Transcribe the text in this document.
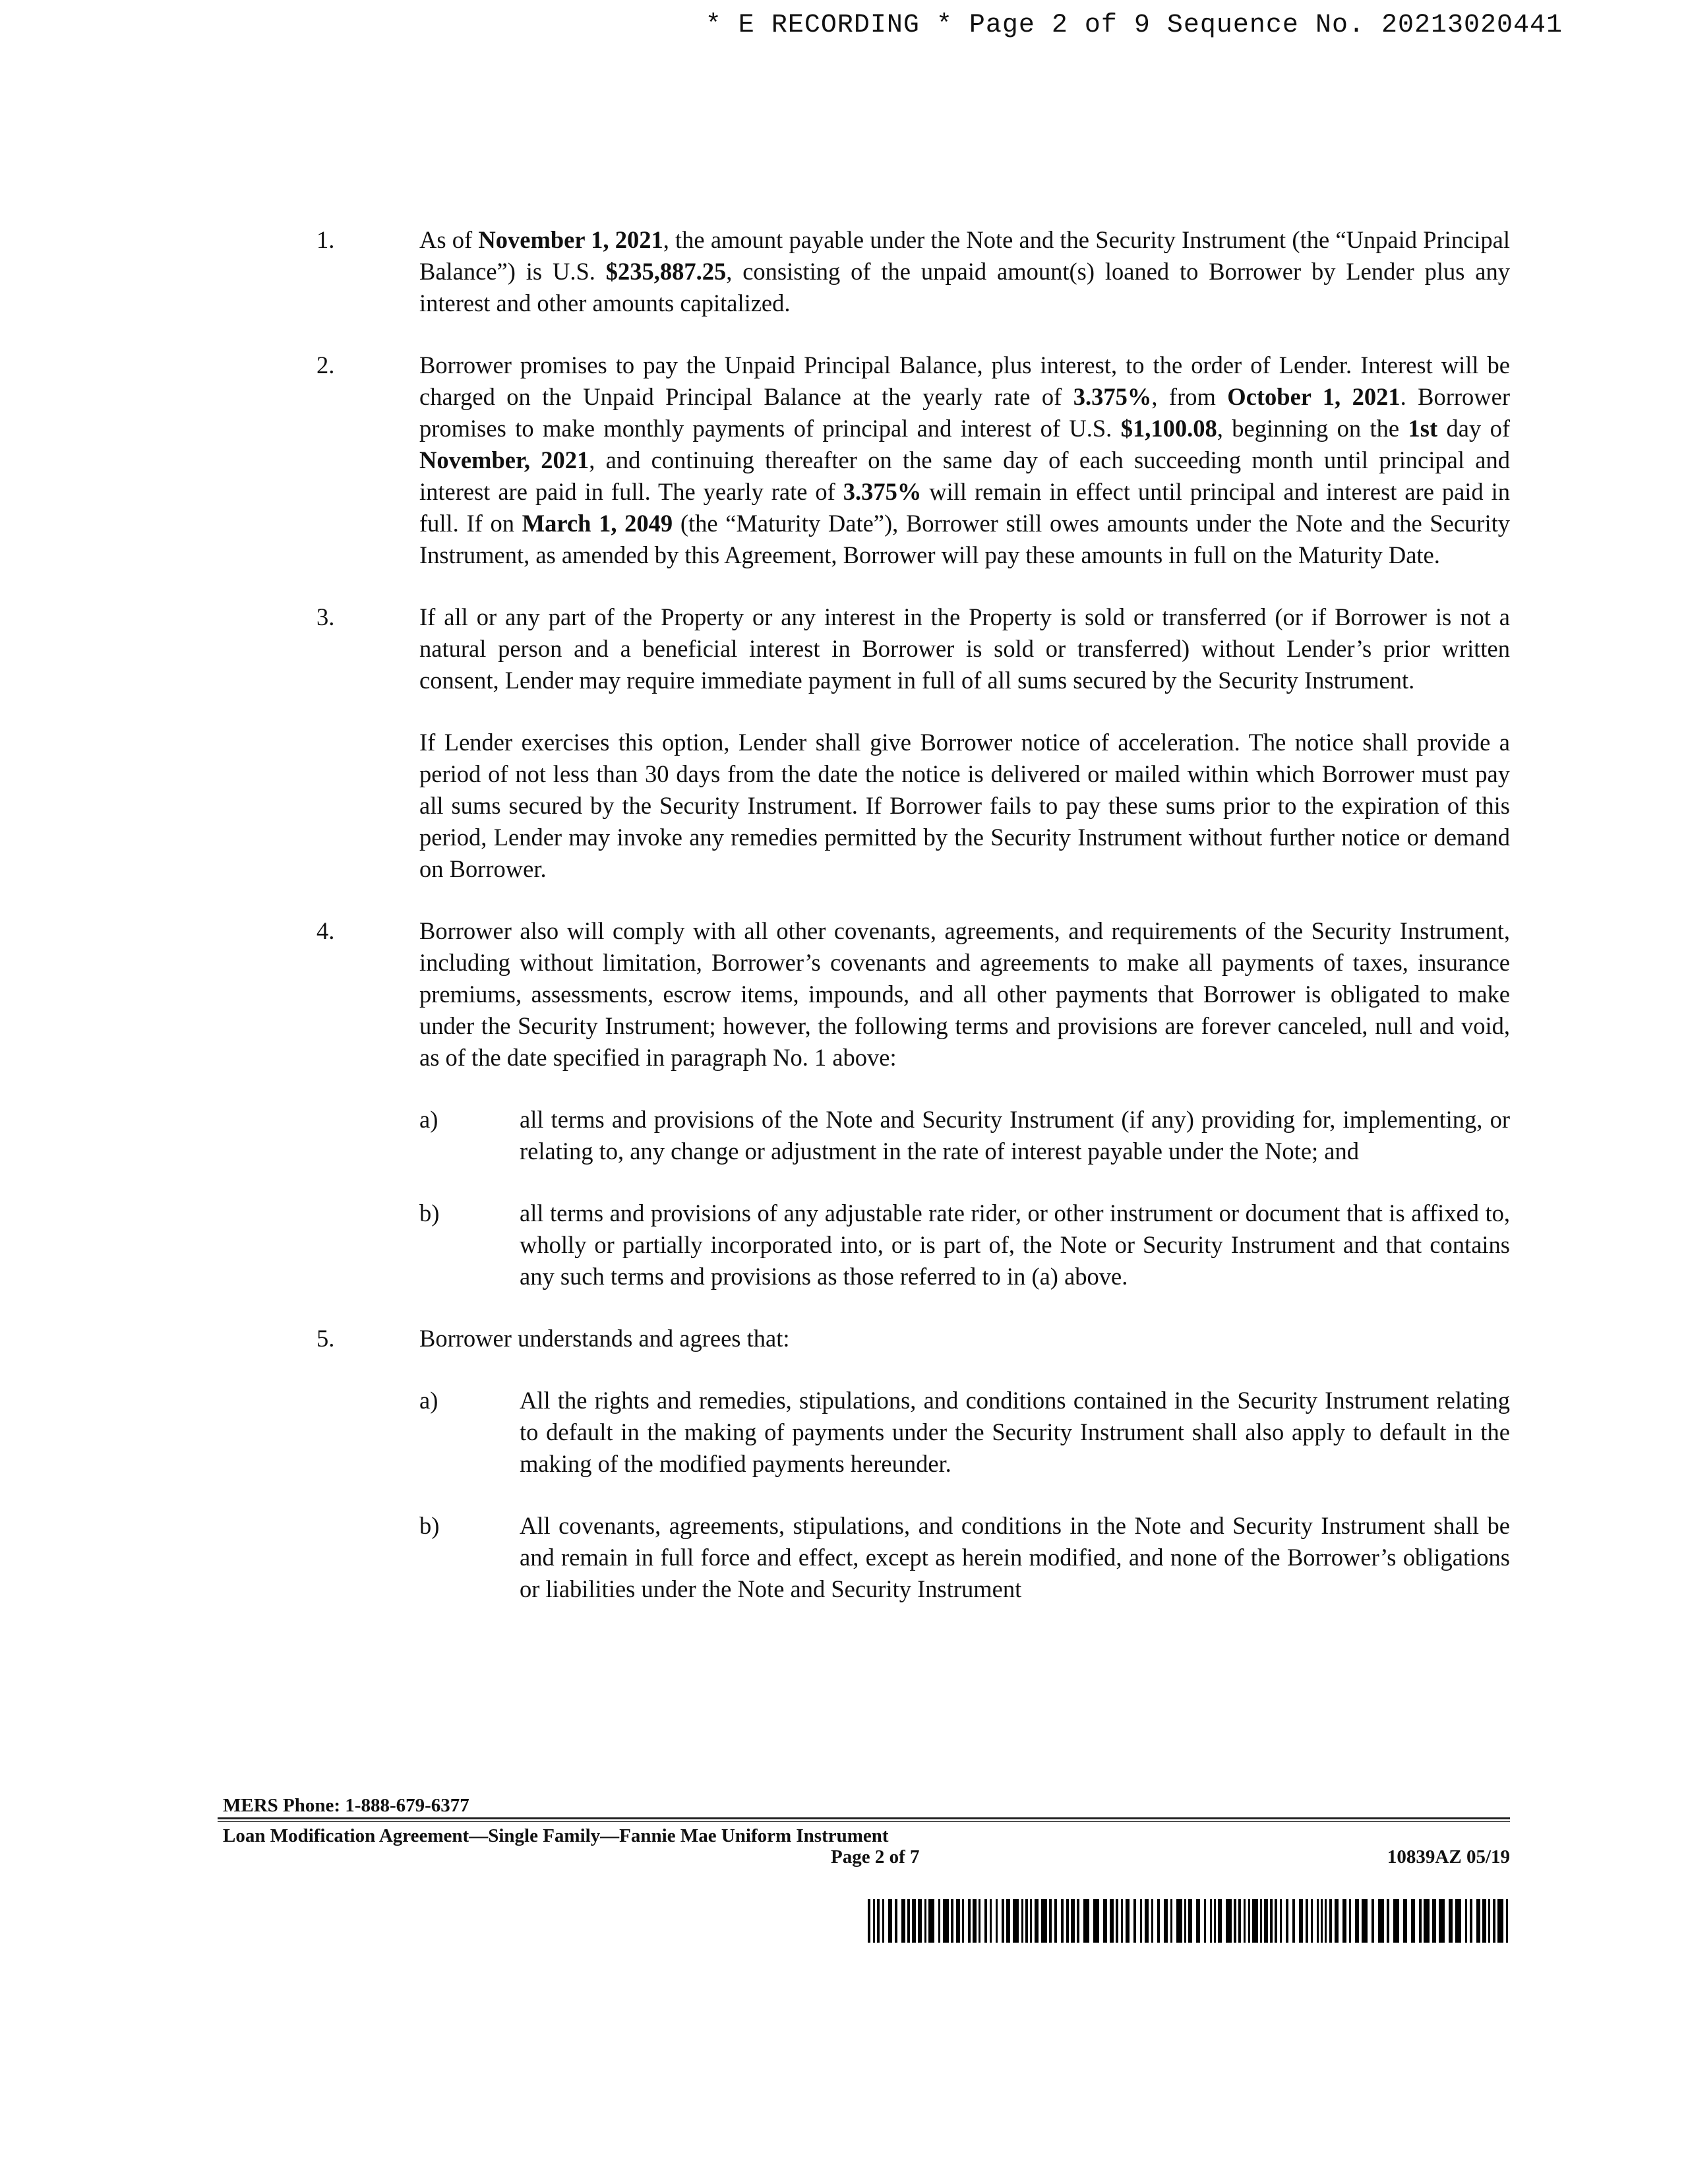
* E RECORDING * Page 2 of 9 Sequence No. 20213020441
1.	As of November 1, 2021, the amount payable under the Note and the Security Instrument (the “Unpaid Principal Balance”) is U.S. $235,887.25, consisting of the unpaid amount(s) loaned to Borrower by Lender plus any interest and other amounts capitalized.
2.	Borrower promises to pay the Unpaid Principal Balance, plus interest, to the order of Lender. Interest will be charged on the Unpaid Principal Balance at the yearly rate of 3.375%, from October 1, 2021. Borrower promises to make monthly payments of principal and interest of U.S. $1,100.08, beginning on the 1st day of November, 2021, and continuing thereafter on the same day of each succeeding month until principal and interest are paid in full. The yearly rate of 3.375% will remain in effect until principal and interest are paid in full. If on March 1, 2049 (the “Maturity Date”), Borrower still owes amounts under the Note and the Security Instrument, as amended by this Agreement, Borrower will pay these amounts in full on the Maturity Date.
3.	If all or any part of the Property or any interest in the Property is sold or transferred (or if Borrower is not a natural person and a beneficial interest in Borrower is sold or transferred) without Lender’s prior written consent, Lender may require immediate payment in full of all sums secured by the Security Instrument.
If Lender exercises this option, Lender shall give Borrower notice of acceleration. The notice shall provide a period of not less than 30 days from the date the notice is delivered or mailed within which Borrower must pay all sums secured by the Security Instrument. If Borrower fails to pay these sums prior to the expiration of this period, Lender may invoke any remedies permitted by the Security Instrument without further notice or demand on Borrower.
4.	Borrower also will comply with all other covenants, agreements, and requirements of the Security Instrument, including without limitation, Borrower’s covenants and agreements to make all payments of taxes, insurance premiums, assessments, escrow items, impounds, and all other payments that Borrower is obligated to make under the Security Instrument; however, the following terms and provisions are forever canceled, null and void, as of the date specified in paragraph No. 1 above:
a)	all terms and provisions of the Note and Security Instrument (if any) providing for, implementing, or relating to, any change or adjustment in the rate of interest payable under the Note; and
b)	all terms and provisions of any adjustable rate rider, or other instrument or document that is affixed to, wholly or partially incorporated into, or is part of, the Note or Security Instrument and that contains any such terms and provisions as those referred to in (a) above.
5.	Borrower understands and agrees that:
a)	All the rights and remedies, stipulations, and conditions contained in the Security Instrument relating to default in the making of payments under the Security Instrument shall also apply to default in the making of the modified payments hereunder.
b)	All covenants, agreements, stipulations, and conditions in the Note and Security Instrument shall be and remain in full force and effect, except as herein modified, and none of the Borrower’s obligations or liabilities under the Note and Security Instrument
MERS Phone: 1-888-679-6377
Loan Modification Agreement—Single Family—Fannie Mae Uniform Instrument
Page 2 of 7	10839AZ 05/19
